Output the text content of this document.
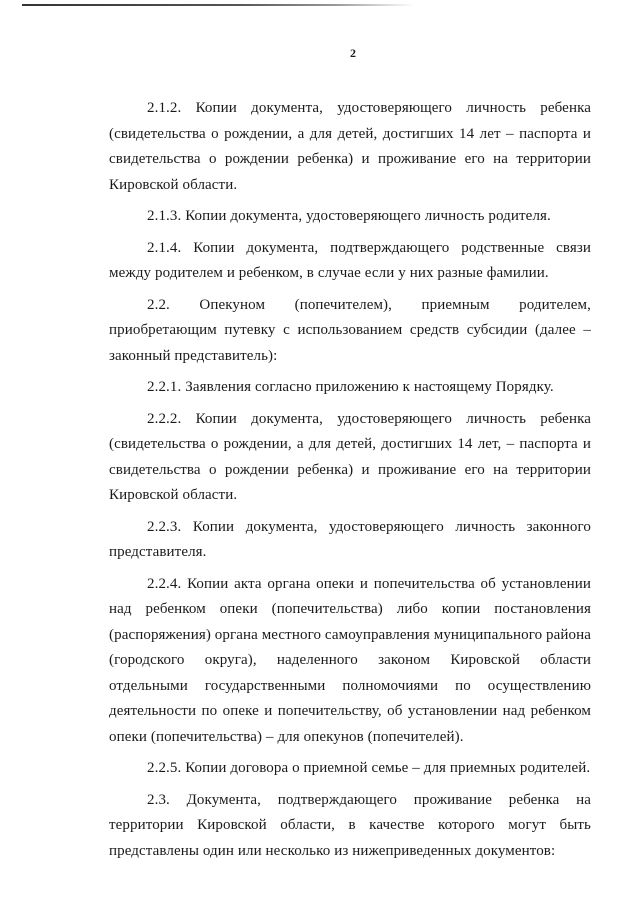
2

2.1.2. Копии документа, удостоверяющего личность ребенка (свидетельства о рождении, а для детей, достигших 14 лет – паспорта и свидетельства о рождении ребенка) и проживание его на территории Кировской области.

2.1.3. Копии документа, удостоверяющего личность родителя.

2.1.4. Копии документа, подтверждающего родственные связи между родителем и ребенком, в случае если у них разные фамилии.

2.2. Опекуном (попечителем), приемным родителем, приобретающим путевку с использованием средств субсидии (далее – законный представитель):

2.2.1. Заявления согласно приложению к настоящему Порядку.

2.2.2. Копии документа, удостоверяющего личность ребенка (свидетельства о рождении, а для детей, достигших 14 лет, – паспорта и свидетельства о рождении ребенка) и проживание его на территории Кировской области.

2.2.3. Копии документа, удостоверяющего личность законного представителя.

2.2.4. Копии акта органа опеки и попечительства об установлении над ребенком опеки (попечительства) либо копии постановления (распоряжения) органа местного самоуправления муниципального района (городского округа), наделенного законом Кировской области отдельными государственными полномочиями по осуществлению деятельности по опеке и попечительству, об установлении над ребенком опеки (попечительства) – для опекунов (попечителей).

2.2.5. Копии договора о приемной семье – для приемных родителей.

2.3. Документа, подтверждающего проживание ребенка на территории Кировской области, в качестве которого могут быть представлены один или несколько из нижеприведенных документов:
